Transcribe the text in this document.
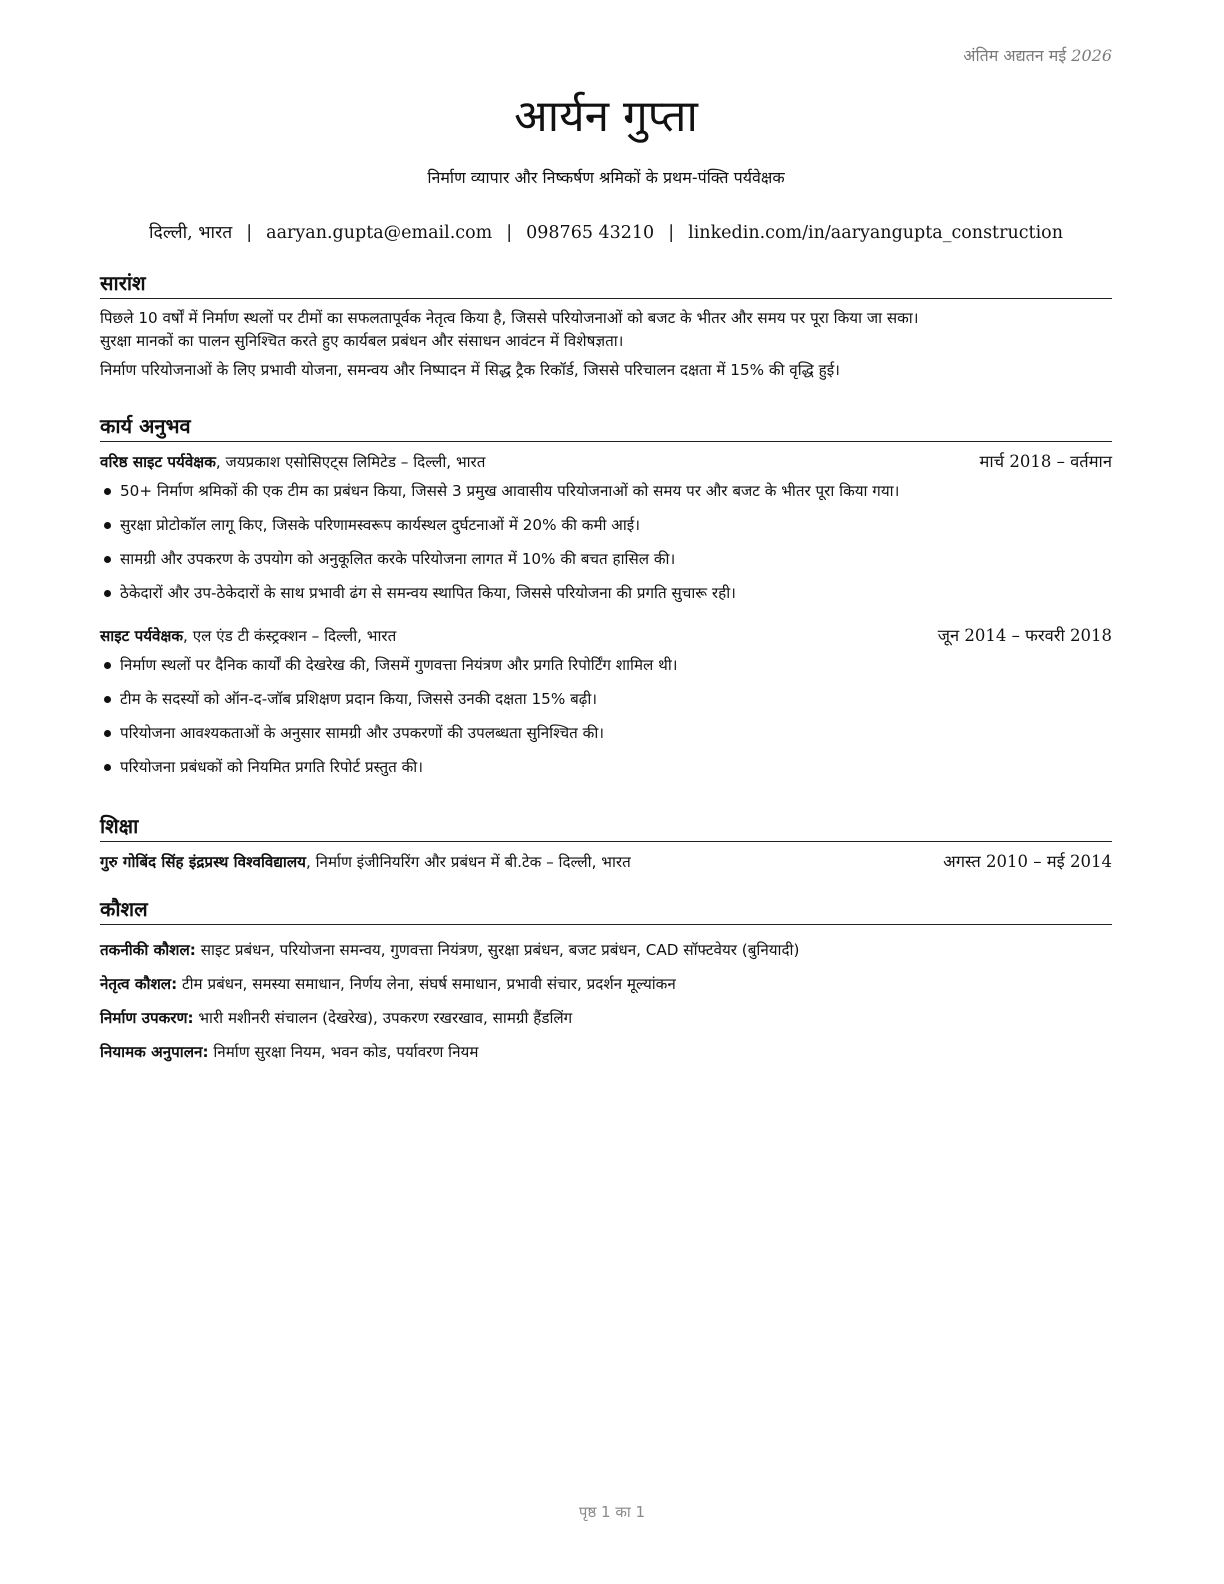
अंतिम अद्यतन मई 2026
आर्यन गुप्ता
निर्माण व्यापार और निष्कर्षण श्रमिकों के प्रथम-पंक्ति पर्यवेक्षक
दिल्ली, भारत | aaryan.gupta@email.com | 098765 43210 | linkedin.com/in/aaryangupta_construction
सारांश
पिछले 10 वर्षों में निर्माण स्थलों पर टीमों का सफलतापूर्वक नेतृत्व किया है, जिससे परियोजनाओं को बजट के भीतर और समय पर पूरा किया जा सका।
सुरक्षा मानकों का पालन सुनिश्चित करते हुए कार्यबल प्रबंधन और संसाधन आवंटन में विशेषज्ञता।
निर्माण परियोजनाओं के लिए प्रभावी योजना, समन्वय और निष्पादन में सिद्ध ट्रैक रिकॉर्ड, जिससे परिचालन दक्षता में 15% की वृद्धि हुई।
कार्य अनुभव
वरिष्ठ साइट पर्यवेक्षक, जयप्रकाश एसोसिएट्स लिमिटेड – दिल्ली, भारत	मार्च 2018 – वर्तमान
50+ निर्माण श्रमिकों की एक टीम का प्रबंधन किया, जिससे 3 प्रमुख आवासीय परियोजनाओं को समय पर और बजट के भीतर पूरा किया गया।
सुरक्षा प्रोटोकॉल लागू किए, जिसके परिणामस्वरूप कार्यस्थल दुर्घटनाओं में 20% की कमी आई।
सामग्री और उपकरण के उपयोग को अनुकूलित करके परियोजना लागत में 10% की बचत हासिल की।
ठेकेदारों और उप-ठेकेदारों के साथ प्रभावी ढंग से समन्वय स्थापित किया, जिससे परियोजना की प्रगति सुचारू रही।
साइट पर्यवेक्षक, एल एंड टी कंस्ट्रक्शन – दिल्ली, भारत	जून 2014 – फरवरी 2018
निर्माण स्थलों पर दैनिक कार्यों की देखरेख की, जिसमें गुणवत्ता नियंत्रण और प्रगति रिपोर्टिंग शामिल थी।
टीम के सदस्यों को ऑन-द-जॉब प्रशिक्षण प्रदान किया, जिससे उनकी दक्षता 15% बढ़ी।
परियोजना आवश्यकताओं के अनुसार सामग्री और उपकरणों की उपलब्धता सुनिश्चित की।
परियोजना प्रबंधकों को नियमित प्रगति रिपोर्ट प्रस्तुत की।
शिक्षा
गुरु गोबिंद सिंह इंद्रप्रस्थ विश्वविद्यालय, निर्माण इंजीनियरिंग और प्रबंधन में बी.टेक – दिल्ली, भारत	अगस्त 2010 – मई 2014
कौशल
तकनीकी कौशल: साइट प्रबंधन, परियोजना समन्वय, गुणवत्ता नियंत्रण, सुरक्षा प्रबंधन, बजट प्रबंधन, CAD सॉफ्टवेयर (बुनियादी)
नेतृत्व कौशल: टीम प्रबंधन, समस्या समाधान, निर्णय लेना, संघर्ष समाधान, प्रभावी संचार, प्रदर्शन मूल्यांकन
निर्माण उपकरण: भारी मशीनरी संचालन (देखरेख), उपकरण रखरखाव, सामग्री हैंडलिंग
नियामक अनुपालन: निर्माण सुरक्षा नियम, भवन कोड, पर्यावरण नियम
पृष्ठ 1 का 1
